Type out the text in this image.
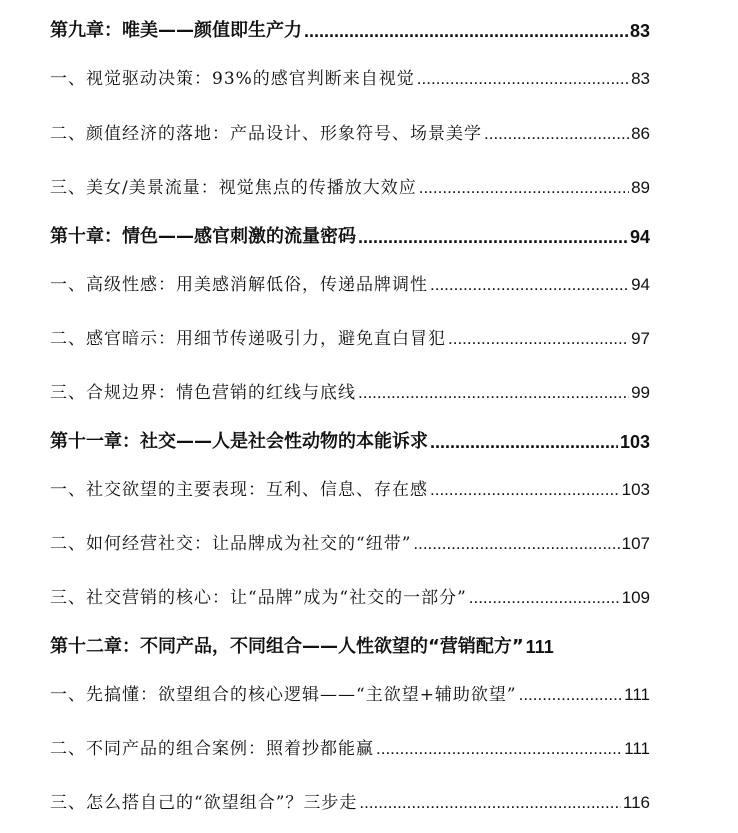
第九章：唯美——颜值即生产力 .....	83
一、视觉驱动决策：93%的感官判断来自视觉 .....	83
二、颜值经济的落地：产品设计、形象符号、场景美学 .....	86
三、美女/美景流量：视觉焦点的传播放大效应 .....	89
第十章：情色——感官刺激的流量密码 .....	94
一、高级性感：用美感消解低俗，传递品牌调性 .....	94
二、感官暗示：用细节传递吸引力，避免直白冒犯 .....	97
三、合规边界：情色营销的红线与底线 .....	99
第十一章：社交——人是社会性动物的本能诉求 .....	103
一、社交欲望的主要表现：互利、信息、存在感 .....	103
二、如何经营社交：让品牌成为社交的“纽带” .....	107
三、社交营销的核心：让“品牌”成为“社交的一部分” .....	109
第十二章：不同产品，不同组合——人性欲望的“营销配方” 111
一、先搞懂：欲望组合的核心逻辑——“主欲望+辅助欲望” .....	111
二、不同产品的组合案例：照着抄都能赢 .....	111
三、怎么搭自己的“欲望组合”？三步走 .....	116
